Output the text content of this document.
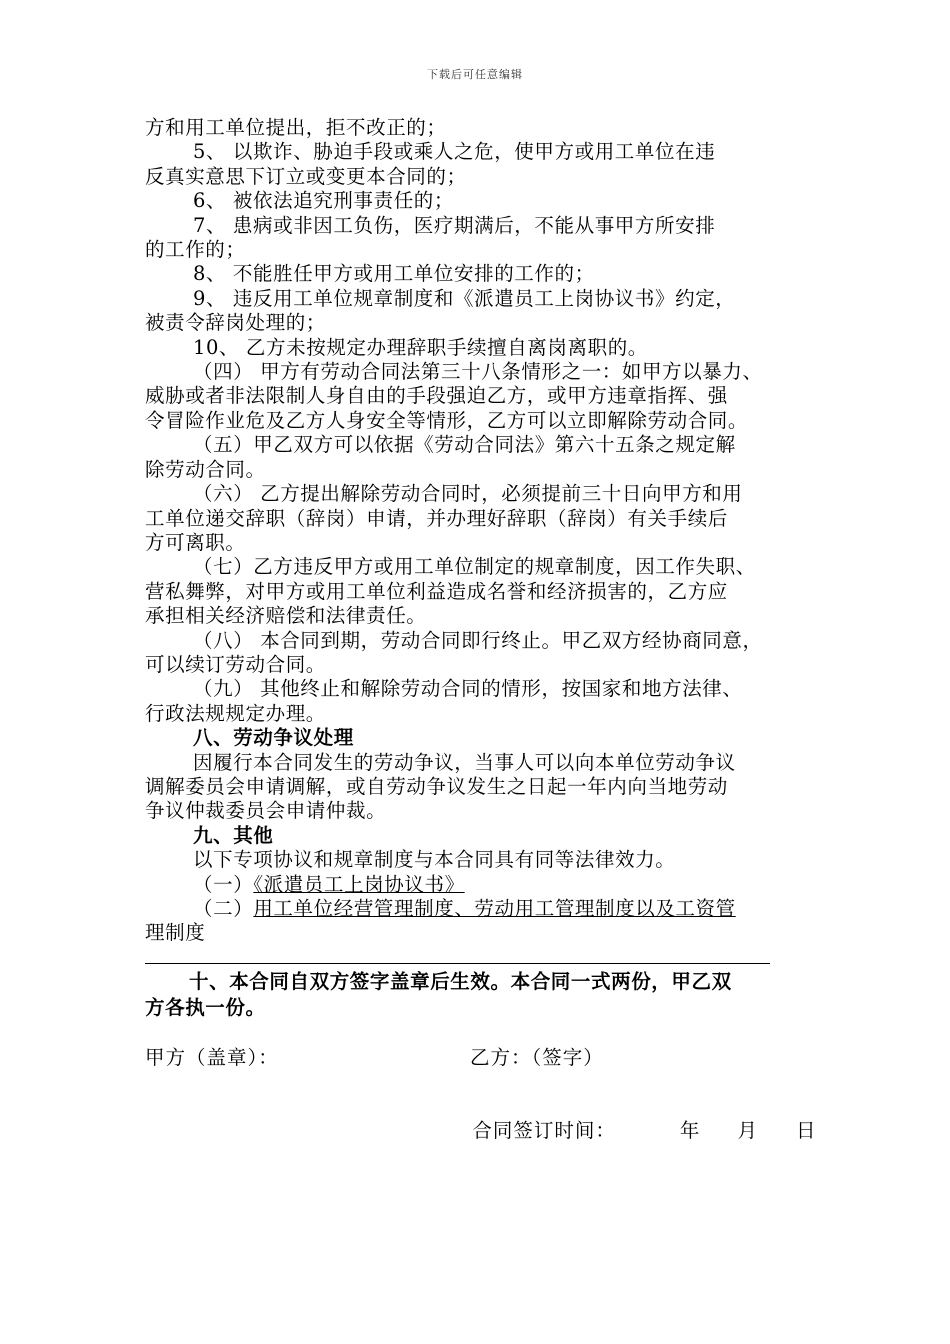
下载后可任意编辑

方和用工单位提出，拒不改正的；

5、 以欺诈、胁迫手段或乘人之危，使甲方或用工单位在违

反真实意思下订立或变更本合同的；

6、 被依法追究刑事责任的；

7、 患病或非因工负伤，医疗期满后，不能从事甲方所安排

的工作的；

8、 不能胜任甲方或用工单位安排的工作的；

9、 违反用工单位规章制度和《派遣员工上岗协议书》约定，

被责令辞岗处理的；

10、 乙方未按规定办理辞职手续擅自离岗离职的。

（四） 甲方有劳动合同法第三十八条情形之一：如甲方以暴力、

威胁或者非法限制人身自由的手段强迫乙方，或甲方违章指挥、强

令冒险作业危及乙方人身安全等情形，乙方可以立即解除劳动合同。

（五）甲乙双方可以依据《劳动合同法》第六十五条之规定解

除劳动合同。

（六） 乙方提出解除劳动合同时，必须提前三十日向甲方和用

工单位递交辞职（辞岗）申请，并办理好辞职（辞岗）有关手续后

方可离职。

（七）乙方违反甲方或用工单位制定的规章制度，因工作失职、

营私舞弊，对甲方或用工单位利益造成名誉和经济损害的，乙方应

承担相关经济赔偿和法律责任。

（八） 本合同到期，劳动合同即行终止。甲乙双方经协商同意，

可以续订劳动合同。

（九） 其他终止和解除劳动合同的情形，按国家和地方法律、

行政法规规定办理。

八、劳动争议处理

因履行本合同发生的劳动争议，当事人可以向本单位劳动争议

调解委员会申请调解，或自劳动争议发生之日起一年内向当地劳动

争议仲裁委员会申请仲裁。

九、其他

以下专项协议和规章制度与本合同具有同等法律效力。

（一）《派遣员工上岗协议书》

（二）用工单位经营管理制度、劳动用工管理制度以及工资管

理制度

十、本合同自双方签字盖章后生效。本合同一式两份，甲乙双

方各执一份。

甲方（盖章）：	乙方：（签字）

合同签订时间：	年 月 日
